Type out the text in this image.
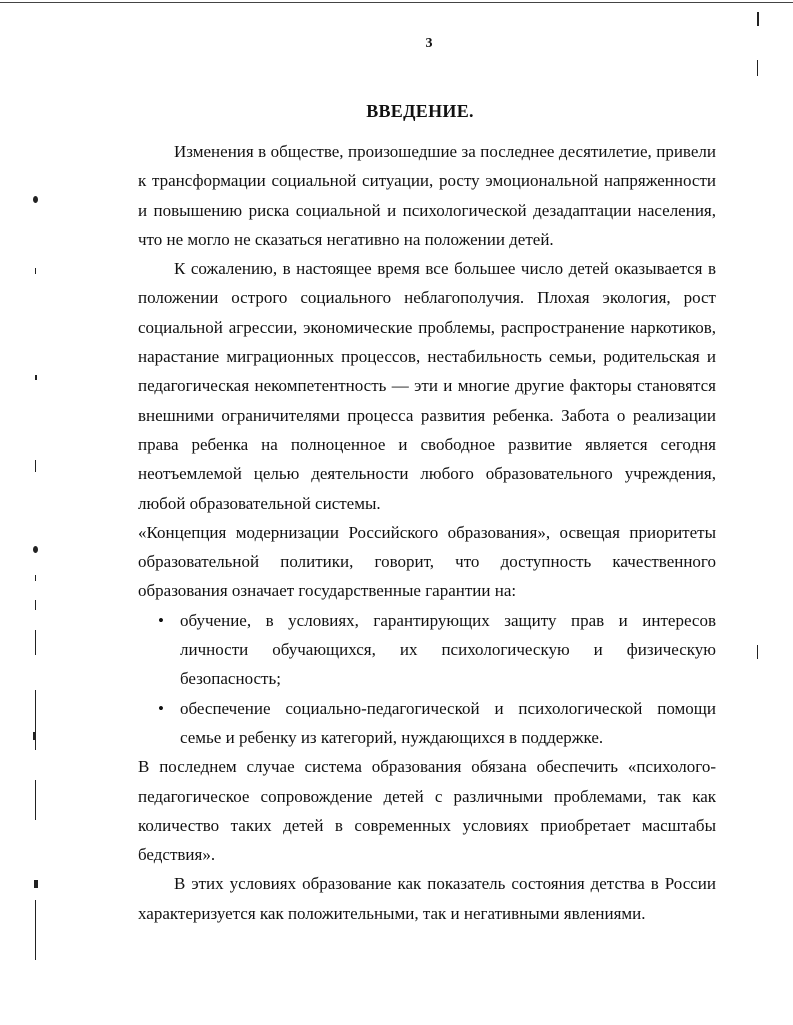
3
ВВЕДЕНИЕ.

Изменения в обществе, произошедшие за последнее десятилетие, привели к трансформации социальной ситуации, росту эмоциональной напряженности и повышению риска социальной и психологической дезадаптации населения, что не могло не сказаться негативно на положении детей.

К сожалению, в настоящее время все большее число детей оказывается в положении острого социального неблагополучия. Плохая экология, рост социальной агрессии, экономические проблемы, распространение наркотиков, нарастание миграционных процессов, нестабильность семьи, родительская и педагогическая некомпетентность — эти и многие другие факторы становятся внешними ограничителями процесса развития ребенка. Забота о реализации права ребенка на полноценное и свободное развитие является сегодня неотъемлемой целью деятельности любого образовательного учреждения, любой образовательной системы.

«Концепция модернизации Российского образования», освещая приоритеты образовательной политики, говорит, что доступность качественного образования означает государственные гарантии на:

• обучение, в условиях, гарантирующих защиту прав и интересов личности обучающихся, их психологическую и физическую безопасность;
• обеспечение социально-педагогической и психологической помощи семье и ребенку из категорий, нуждающихся в поддержке.

В последнем случае система образования обязана обеспечить «психолого-педагогическое сопровождение детей с различными проблемами, так как количество таких детей в современных условиях приобретает масштабы бедствия».

В этих условиях образование как показатель состояния детства в России характеризуется как положительными, так и негативными явлениями.
